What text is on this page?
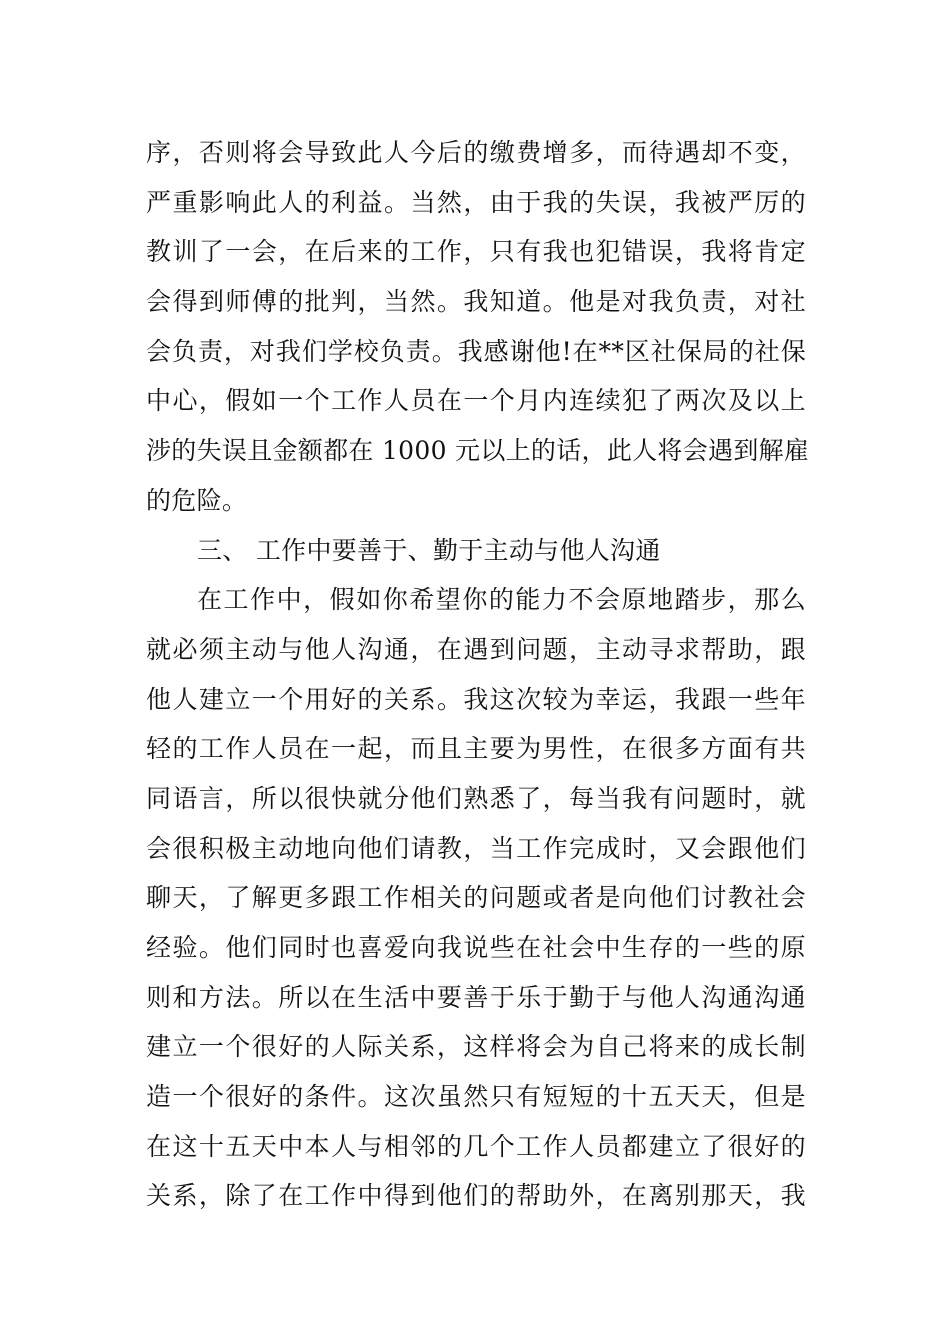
序，否则将会导致此人今后的缴费增多，而待遇却不变，
严重影响此人的利益。当然，由于我的失误，我被严厉的
教训了一会，在后来的工作，只有我也犯错误，我将肯定
会得到师傅的批判，当然。我知道。他是对我负责，对社
会负责，对我们学校负责。我感谢他!在**区社保局的社保
中心，假如一个工作人员在一个月内连续犯了两次及以上
涉的失误且金额都在 1000 元以上的话，此人将会遇到解雇
的危险。
三、 工作中要善于、勤于主动与他人沟通
在工作中，假如你希望你的能力不会原地踏步，那么
就必须主动与他人沟通，在遇到问题，主动寻求帮助，跟
他人建立一个用好的关系。我这次较为幸运，我跟一些年
轻的工作人员在一起，而且主要为男性，在很多方面有共
同语言，所以很快就分他们熟悉了，每当我有问题时，就
会很积极主动地向他们请教，当工作完成时，又会跟他们
聊天，了解更多跟工作相关的问题或者是向他们讨教社会
经验。他们同时也喜爱向我说些在社会中生存的一些的原
则和方法。所以在生活中要善于乐于勤于与他人沟通沟通
建立一个很好的人际关系，这样将会为自己将来的成长制
造一个很好的条件。这次虽然只有短短的十五天天，但是
在这十五天中本人与相邻的几个工作人员都建立了很好的
关系，除了在工作中得到他们的帮助外，在离别那天，我
